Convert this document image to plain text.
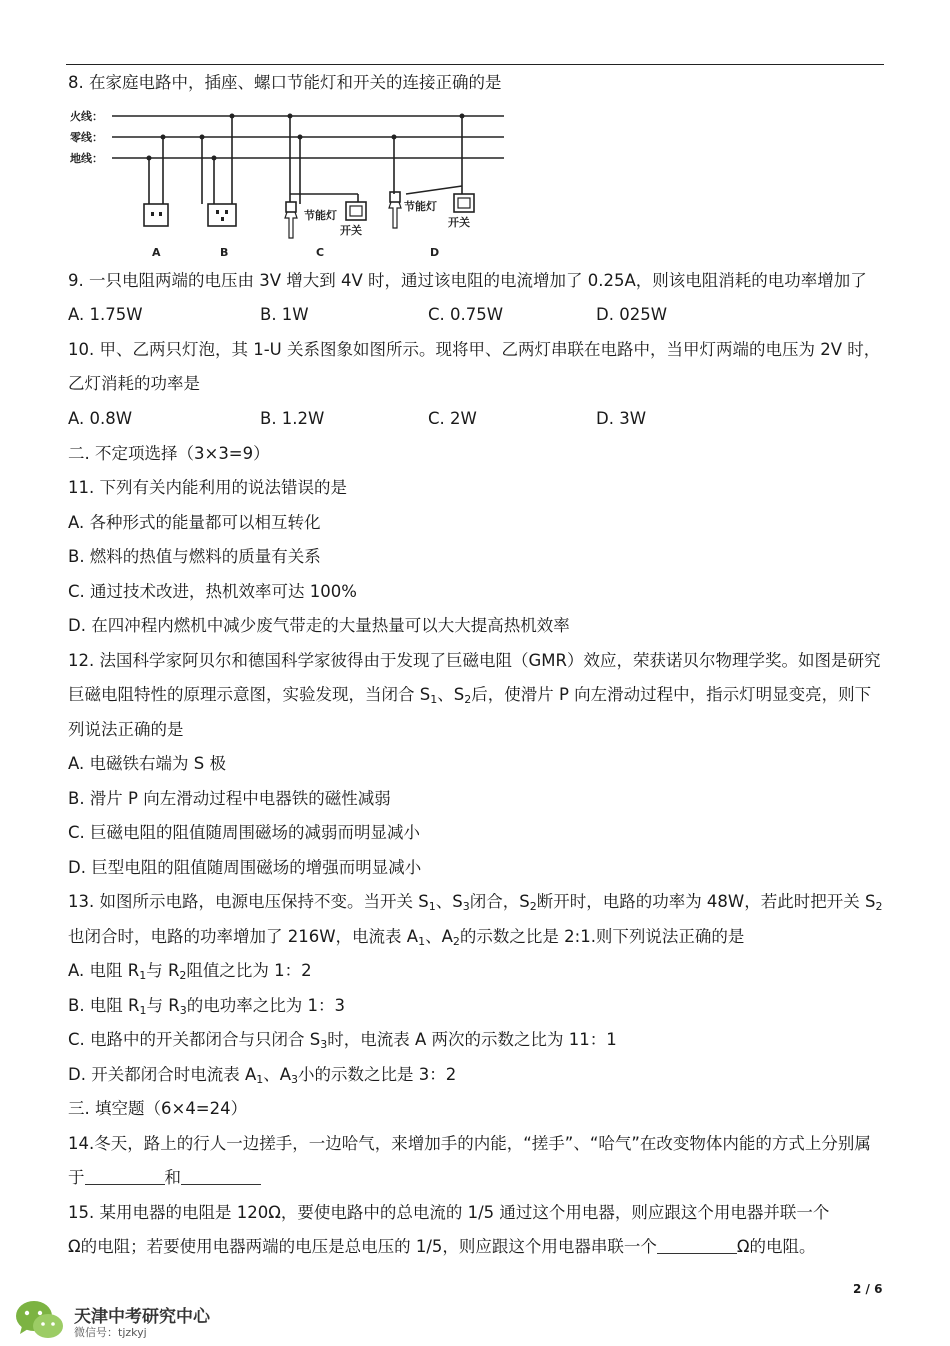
8. 在家庭电路中，插座、螺口节能灯和开关的连接正确的是
火线：
零线：
地线：
节能灯
开关
节能灯
开关
A	B	C	D
9. 一只电阻两端的电压由 3V 增大到 4V 时，通过该电阻的电流增加了 0.25A，则该电阻消耗的电功率增加了
A. 1.75W	B. 1W	C. 0.75W	D. 025W
10. 甲、乙两只灯泡，其 1-U 关系图象如图所示。现将甲、乙两灯串联在电路中，当甲灯两端的电压为 2V 时，
乙灯消耗的功率是
A. 0.8W	B. 1.2W	C. 2W	D. 3W
二. 不定项选择（3×3=9）
11. 下列有关内能利用的说法错误的是
A. 各种形式的能量都可以相互转化
B. 燃料的热值与燃料的质量有关系
C. 通过技术改进，热机效率可达 100%
D. 在四冲程内燃机中减少废气带走的大量热量可以大大提高热机效率
12. 法国科学家阿贝尔和德国科学家彼得由于发现了巨磁电阻（GMR）效应，荣获诺贝尔物理学奖。如图是研究
巨磁电阻特性的原理示意图，实验发现，当闭合 $S_1$、$S_2$后，使滑片 P 向左滑动过程中，指示灯明显变亮，则下
列说法正确的是
A. 电磁铁右端为 S 极
B. 滑片 P 向左滑动过程中电器铁的磁性减弱
C. 巨磁电阻的阻值随周围磁场的减弱而明显减小
D. 巨型电阻的阻值随周围磁场的增强而明显减小
13. 如图所示电路，电源电压保持不变。当开关 $S_1$、$S_3$闭合，$S_2$断开时，电路的功率为 48W，若此时把开关 $S_2$
也闭合时，电路的功率增加了 216W，电流表 $A_1$、$A_2$的示数之比是 2:1.则下列说法正确的是
A. 电阻 $R_1$与 $R_2$阻值之比为 1：2
B. 电阻 $R_1$与 $R_3$的电功率之比为 1：3
C. 电路中的开关都闭合与只闭合 $S_3$时，电流表 A 两次的示数之比为 11：1
D. 开关都闭合时电流表 $A_1$、$A_3$小的示数之比是 3：2
三. 填空题（6×4=24）
14.冬天，路上的行人一边搓手，一边哈气，来增加手的内能，“搓手”、“哈气”在改变物体内能的方式上分别属
于	和
15. 某用电器的电阻是 120Ω，要使电路中的总电流的 1/5 通过这个用电器，则应跟这个用电器并联一个
Ω的电阻；若要使用电器两端的电压是总电压的 1/5，则应跟这个用电器串联一个	Ω的电阻。
2 / 6
天津中考研究中心
微信号：tjzkyj
